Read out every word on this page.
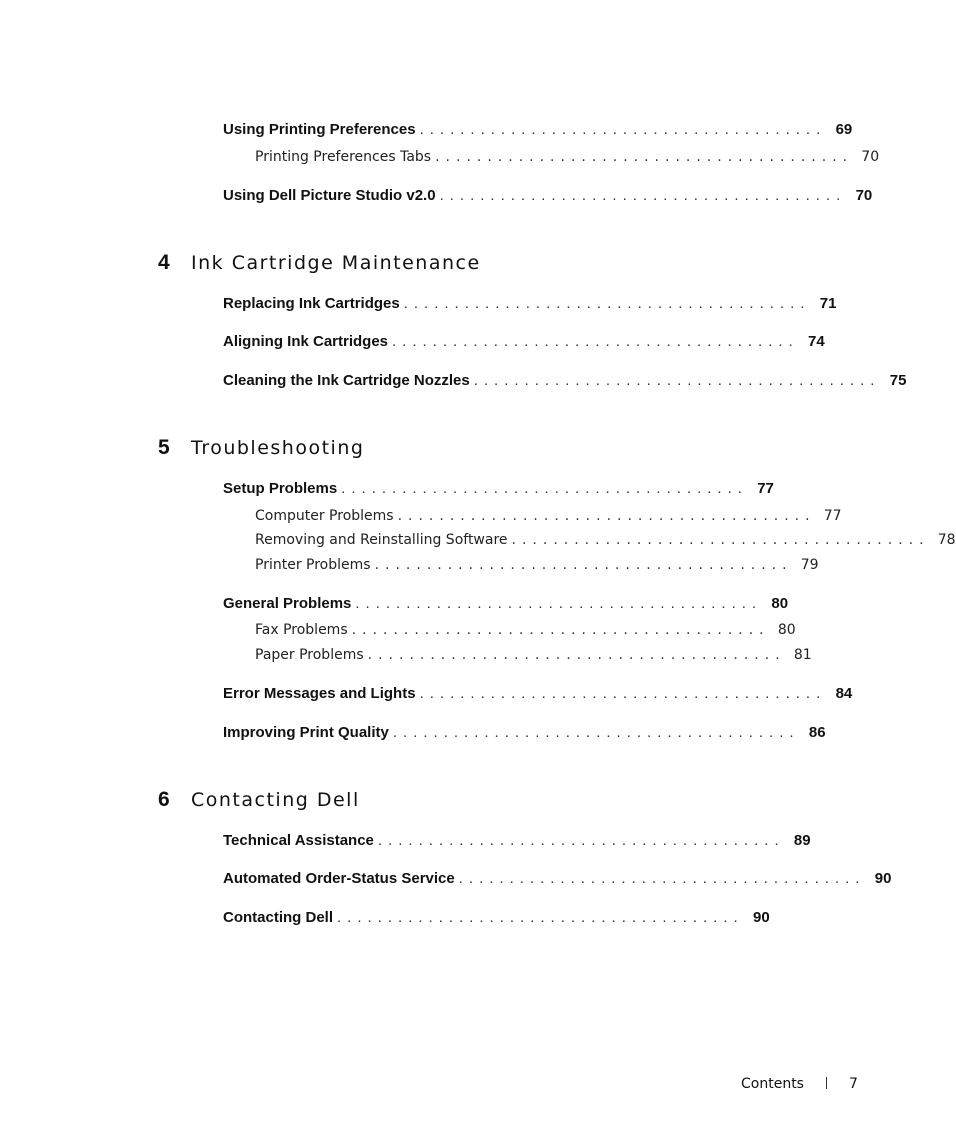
Using Printing Preferences ........................................ 69
Printing Preferences Tabs ........................................ 70
Using Dell Picture Studio v2.0 ........................................ 70
4	Ink Cartridge Maintenance
Replacing Ink Cartridges ........................................ 71
Aligning Ink Cartridges ........................................ 74
Cleaning the Ink Cartridge Nozzles ........................................ 75
5	Troubleshooting
Setup Problems ........................................ 77
Computer Problems ........................................ 77
Removing and Reinstalling Software ........................................ 78
Printer Problems ........................................ 79
General Problems ........................................ 80
Fax Problems ........................................ 80
Paper Problems ........................................ 81
Error Messages and Lights ........................................ 84
Improving Print Quality ........................................ 86
6	Contacting Dell
Technical Assistance ........................................ 89
Automated Order-Status Service ........................................ 90
Contacting Dell ........................................ 90
Contents	7
